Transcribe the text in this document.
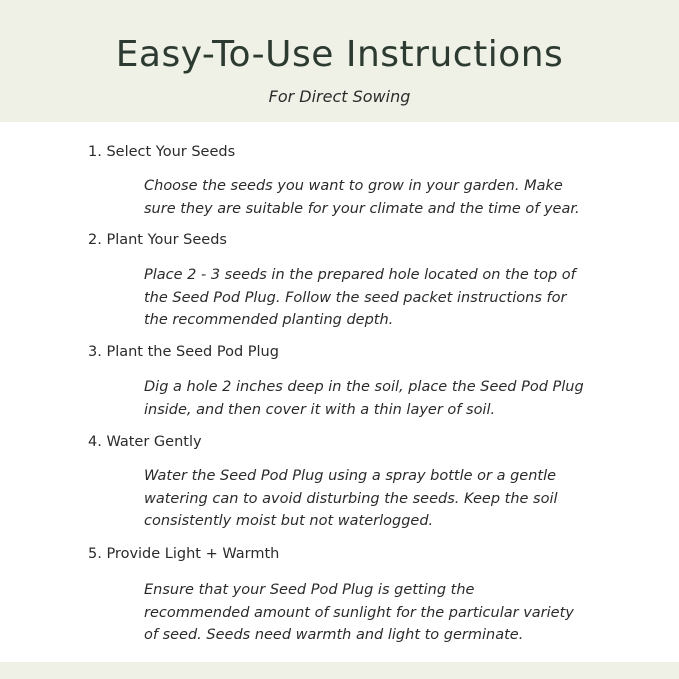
Easy-To-Use Instructions
For Direct Sowing
1. Select Your Seeds
Choose the seeds you want to grow in your garden. Make
sure they are suitable for your climate and the time of year.
2. Plant Your Seeds
Place 2 - 3 seeds in the prepared hole located on the top of
the Seed Pod Plug. Follow the seed packet instructions for
the recommended planting depth.
3. Plant the Seed Pod Plug
Dig a hole 2 inches deep in the soil, place the Seed Pod Plug
inside, and then cover it with a thin layer of soil.
4. Water Gently
Water the Seed Pod Plug using a spray bottle or a gentle
watering can to avoid disturbing the seeds. Keep the soil
consistently moist but not waterlogged.
5. Provide Light + Warmth
Ensure that your Seed Pod Plug is getting the
recommended amount of sunlight for the particular variety
of seed. Seeds need warmth and light to germinate.
